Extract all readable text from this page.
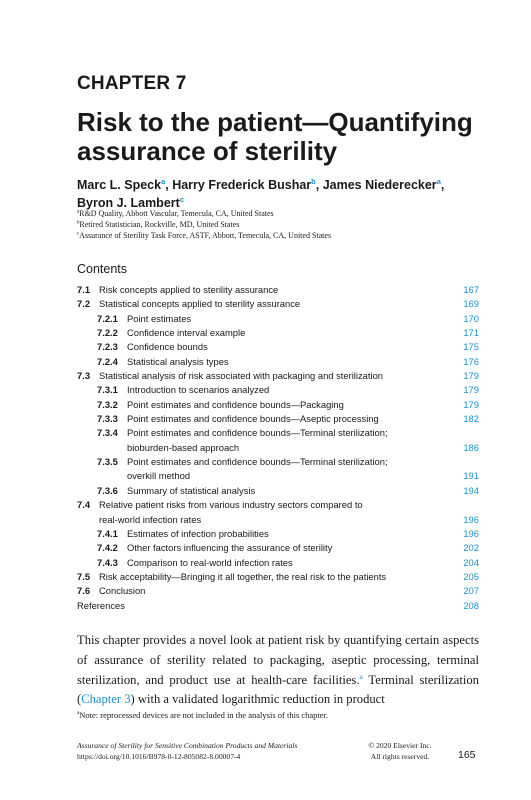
CHAPTER 7
Risk to the patient—Quantifying
assurance of sterility
Marc L. Speck$^a$, Harry Frederick Bushar$^b$, James Niederecker$^a$,
Byron J. Lambert$^c$
$^a$R&D Quality, Abbott Vascular, Temecula, CA, United States
$^b$Retired Statistician, Rockville, MD, United States
$^c$Assurance of Sterility Task Force, ASTF, Abbott, Temecula, CA, United States
Contents
7.1 Risk concepts applied to sterility assurance	167
7.2 Statistical concepts applied to sterility assurance	169
7.2.1 Point estimates	170
7.2.2 Confidence interval example	171
7.2.3 Confidence bounds	175
7.2.4 Statistical analysis types	176
7.3 Statistical analysis of risk associated with packaging and sterilization	179
7.3.1 Introduction to scenarios analyzed	179
7.3.2 Point estimates and confidence bounds—Packaging	179
7.3.3 Point estimates and confidence bounds—Aseptic processing	182
7.3.4 Point estimates and confidence bounds—Terminal sterilization;
bioburden-based approach	186
7.3.5 Point estimates and confidence bounds—Terminal sterilization;
overkill method	191
7.3.6 Summary of statistical analysis	194
7.4 Relative patient risks from various industry sectors compared to
real-world infection rates	196
7.4.1 Estimates of infection probabilities	196
7.4.2 Other factors influencing the assurance of sterility	202
7.4.3 Comparison to real-world infection rates	204
7.5 Risk acceptability—Bringing it all together, the real risk to the patients	205
7.6 Conclusion	207
References	208
This chapter provides a novel look at patient risk by quantifying certain aspects of assurance of sterility related to packaging, aseptic processing, terminal sterilization, and product use at health-care facilities.$^a$ Terminal sterilization (Chapter 3) with a validated logarithmic reduction in product
$^a$Note: reprocessed devices are not included in the analysis of this chapter.
Assurance of Sterility for Sensitive Combination Products and Materials
https://doi.org/10.1016/B978-0-12-805082-8.00007-4
© 2020 Elsevier Inc.
All rights reserved.	165
